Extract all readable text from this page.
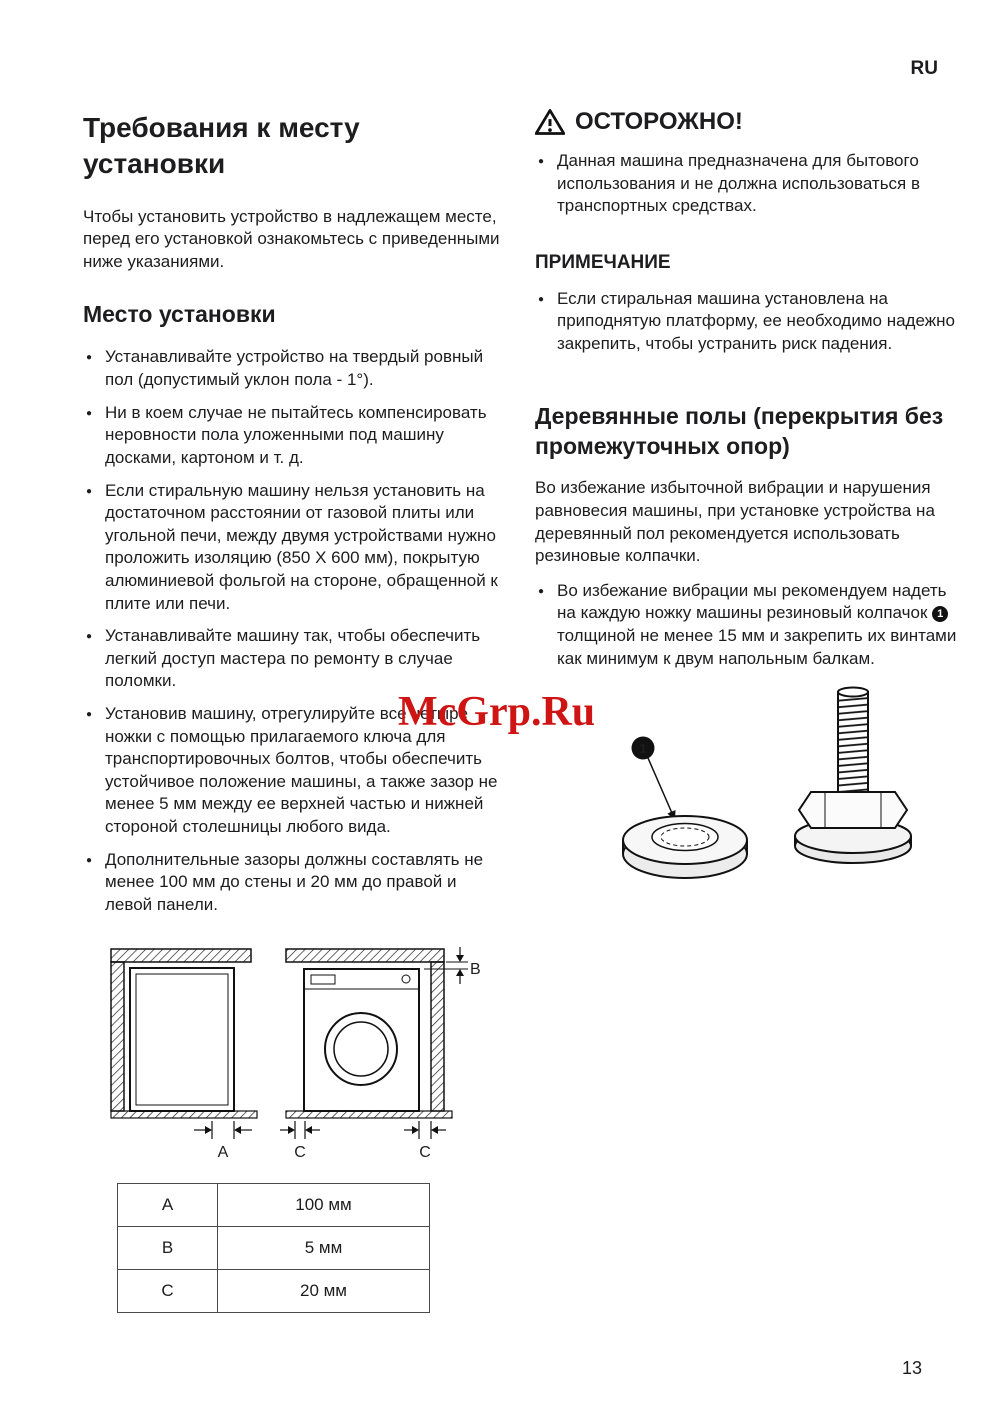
RU
McGrp.Ru
Требования к месту установки

Чтобы установить устройство в надлежащем месте, перед его установкой ознакомьтесь с приведенными ниже указаниями.

Место установки
● Устанавливайте устройство на твердый ровный пол (допустимый уклон пола - 1°).
● Ни в коем случае не пытайтесь компенсировать неровности пола уложенными под машину досками, картоном и т. д.
● Если стиральную машину нельзя установить на достаточном расстоянии от газовой плиты или угольной печи, между двумя устройствами нужно проложить изоляцию (850 X 600 мм), покрытую алюминиевой фольгой на стороне, обращенной к плите или печи.
● Устанавливайте машину так, чтобы обеспечить легкий доступ мастера по ремонту в случае поломки.
● Установив машину, отрегулируйте все четыре ножки с помощью прилагаемого ключа для транспортировочных болтов, чтобы обеспечить устойчивое положение машины, а также зазор не менее 5 мм между ее верхней частью и нижней стороной столешницы любого вида.
● Дополнительные зазоры должны составлять не менее 100 мм до стены и 20 мм до правой и левой панели.
A
B
C	C
A	100 мм
B	5 мм
C	20 мм
ОСТОРОЖНО!
● Данная машина предназначена для бытового использования и не должна использоваться в транспортных средствах.
ПРИМЕЧАНИЕ
● Если стиральная машина установлена на приподнятую платформу, ее необходимо надежно закрепить, чтобы устранить риск падения.
Деревянные полы (перекрытия без промежуточных опор)

Во избежание избыточной вибрации и нарушения равновесия машины, при установке устройства на деревянный пол рекомендуется использовать резиновые колпачки.

● Во избежание вибрации мы рекомендуем надеть на каждую ножку машины резиновый колпачок 1 толщиной не менее 15 мм и закрепить их винтами как минимум к двум напольным балкам.
1
13
